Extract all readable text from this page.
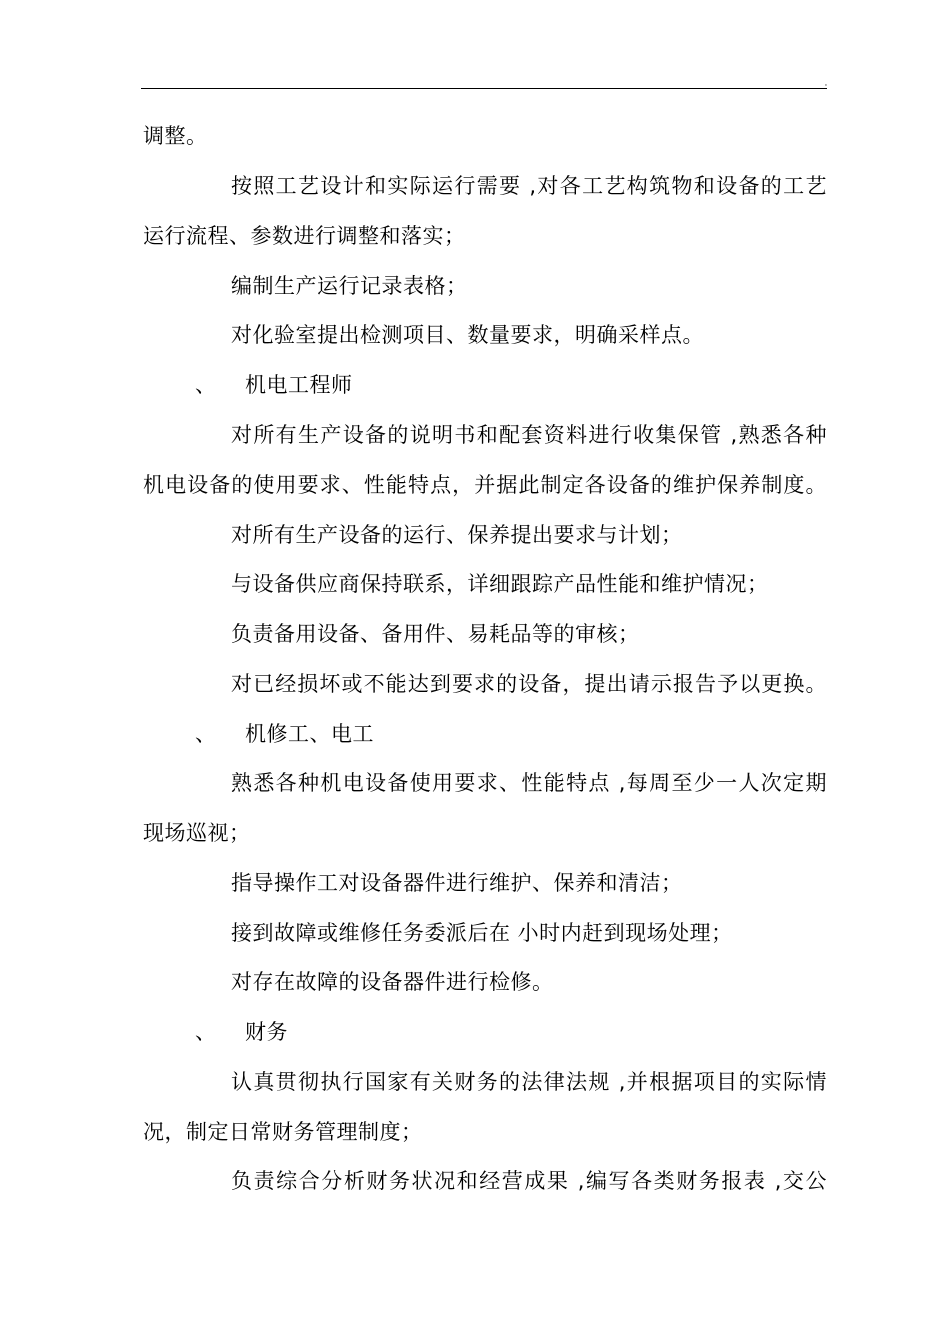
'
调整。
按照工艺设计和实际运行需要 ,对各工艺构筑物和设备的工艺
运行流程、参数进行调整和落实；
编制生产运行记录表格；
对化验室提出检测项目、数量要求，明确采样点。
、 机电工程师
对所有生产设备的说明书和配套资料进行收集保管 ,熟悉各种
机电设备的使用要求、性能特点，并据此制定各设备的维护保养制度。
对所有生产设备的运行、保养提出要求与计划；
与设备供应商保持联系，详细跟踪产品性能和维护情况；
负责备用设备、备用件、易耗品等的审核；
对已经损坏或不能达到要求的设备，提出请示报告予以更换。
、 机修工、电工
熟悉各种机电设备使用要求、性能特点 ,每周至少一人次定期
现场巡视；
指导操作工对设备器件进行维护、保养和清洁；
接到故障或维修任务委派后在 小时内赶到现场处理；
对存在故障的设备器件进行检修。
、 财务
认真贯彻执行国家有关财务的法律法规 ,并根据项目的实际情
况，制定日常财务管理制度；
负责综合分析财务状况和经营成果 ,编写各类财务报表 ,交公
